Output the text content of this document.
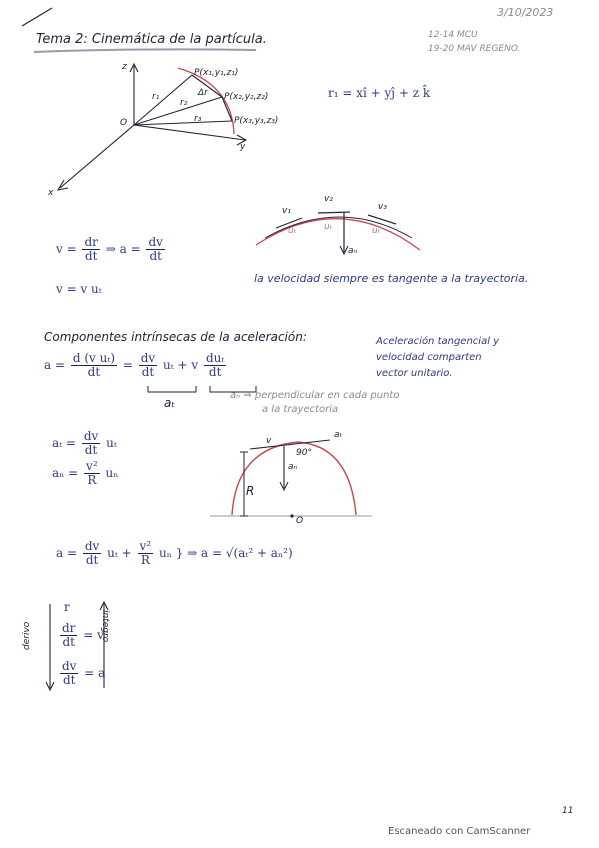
3/10/2023
Tema 2: Cinemática de la partícula.	12-14 MCU
19-20 MAV REGENO.
z
y
x
O
P(x₁,y₁,z₁)
P(x₂,y₂,z₂)
P(x₃,y₃,z₃)
r₁
r₂
r₃
Δr	r₁ = xî + yĵ + z k̂
$v = \frac{dr}{dt}$ ⇒ $a = \frac{dv}{dt}$
v = v uₜ
la velocidad siempre es tangente a la trayectoria.
v₁
v₂
v₃
uₜ	uₜ	uₜ
aₙ
Componentes intrínsecas de la aceleración:
$a = \frac{\text{d (v uₜ)}}{dt} = \frac{dv}{dt}$ uₜ + v $\frac{\text{duₜ}}{dt}$
aₜ
aₙ ⇒ perpendicular en cada punto
a la trayectoria
Aceleración tangencial y
velocidad comparten
vector unitario.
$a_t = \frac{dv}{dt}$ uₜ
$a_n = \frac{\text{v²}}{R}$ uₙ
v
aₜ
aₙ
90°
R
O
$a = \frac{dv}{dt}$ $u_t + \frac{\text{v²}}{R}$ uₙ } ⇒ a = √(aₜ² + aₙ²)
r
$\frac{dr}{dt} = v$
$\frac{dv}{dt} = a$
derivo	integro
11
Escaneado con CamScanner
